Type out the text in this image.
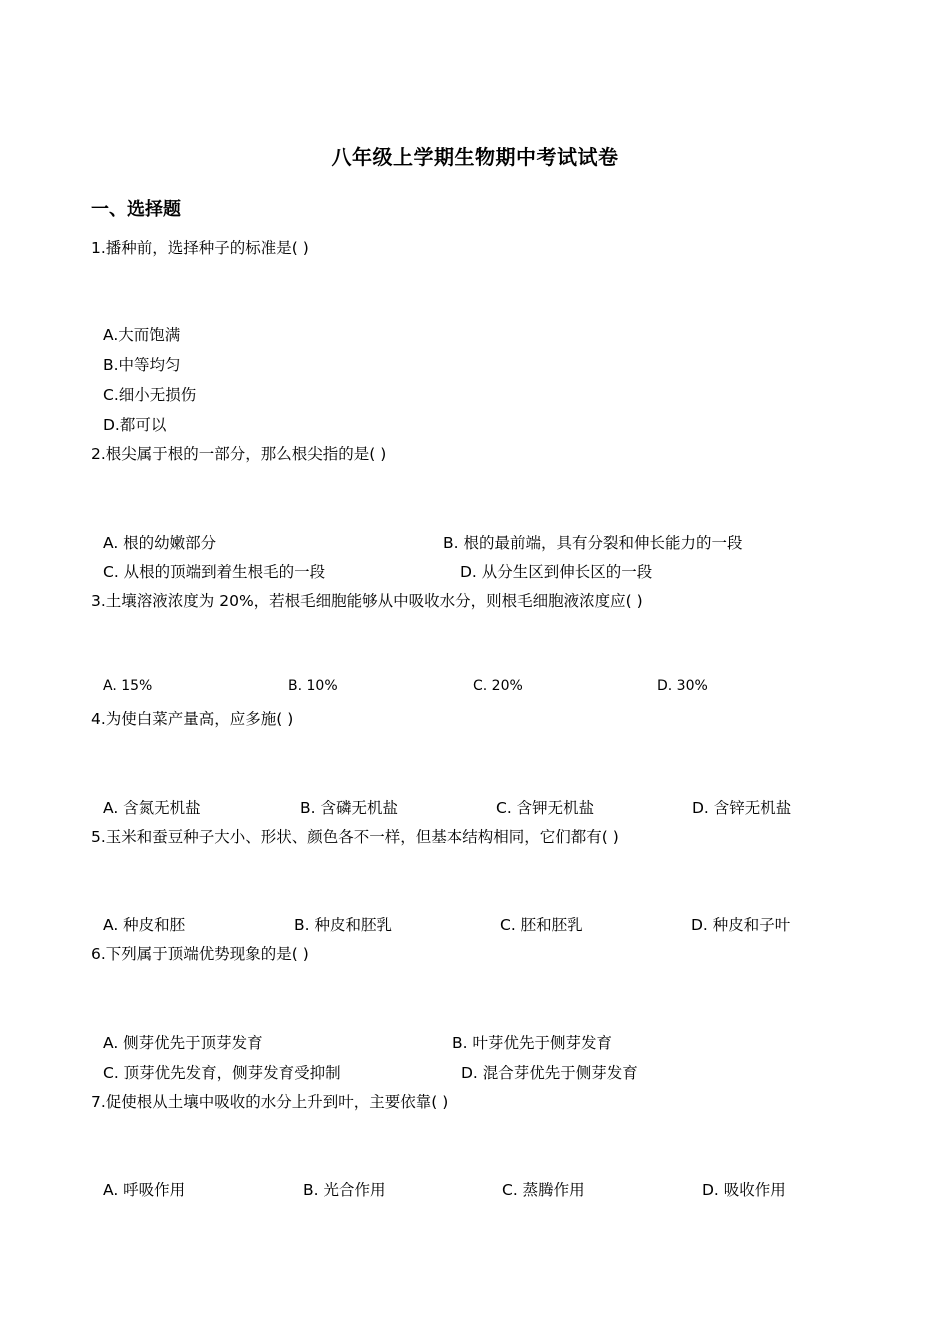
八年级上学期生物期中考试试卷
一、选择题
1.播种前，选择种子的标准是( )
A.大而饱满
B.中等均匀
C.细小无损伤
D.都可以
2.根尖属于根的一部分，那么根尖指的是( )
A. 根的幼嫩部分	B. 根的最前端，具有分裂和伸长能力的一段
C. 从根的顶端到着生根毛的一段	D. 从分生区到伸长区的一段
3.土壤溶液浓度为 20%，若根毛细胞能够从中吸收水分，则根毛细胞液浓度应( )
A. 15%	B. 10%	C. 20%	D. 30%
4.为使白菜产量高，应多施( )
A. 含氮无机盐	B. 含磷无机盐	C. 含钾无机盐	D. 含锌无机盐
5.玉米和蚕豆种子大小、形状、颜色各不一样，但基本结构相同，它们都有( )
A. 种皮和胚	B. 种皮和胚乳	C. 胚和胚乳	D. 种皮和子叶
6.下列属于顶端优势现象的是( )
A. 侧芽优先于顶芽发育	B. 叶芽优先于侧芽发育
C. 顶芽优先发育，侧芽发育受抑制	D. 混合芽优先于侧芽发育
7.促使根从土壤中吸收的水分上升到叶，主要依靠( )
A. 呼吸作用	B. 光合作用	C. 蒸腾作用	D. 吸收作用
